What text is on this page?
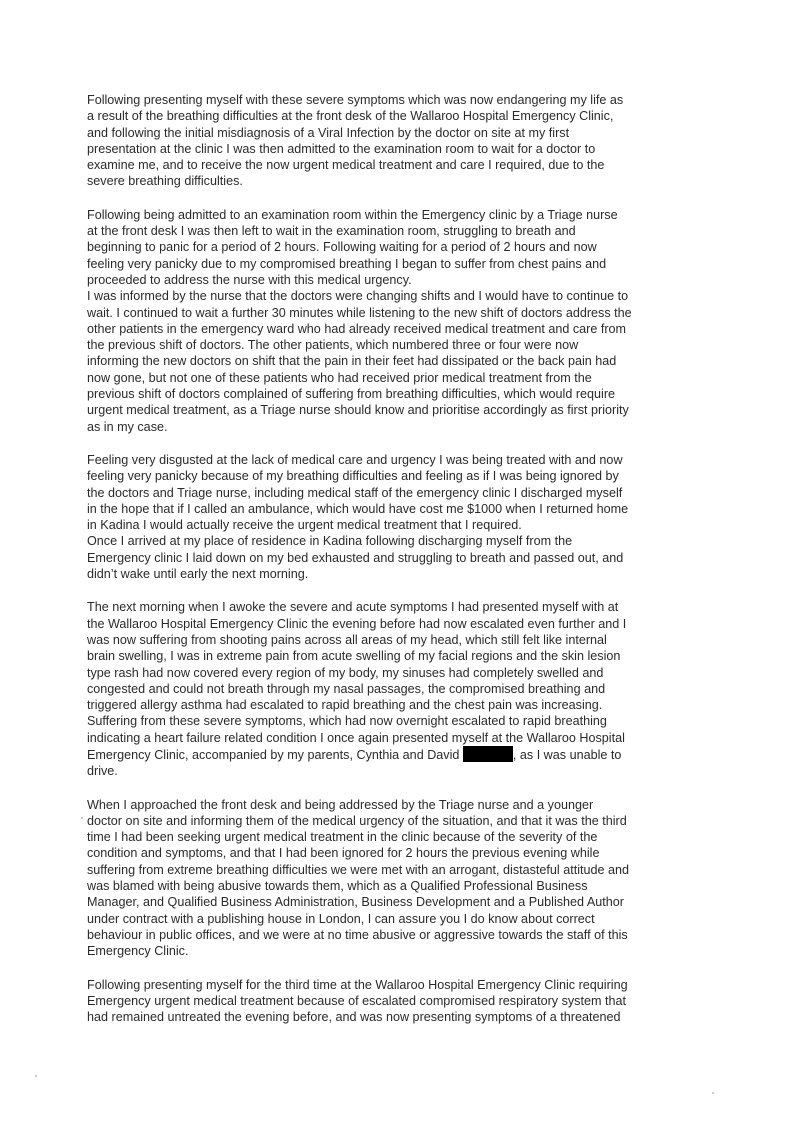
Following presenting myself with these severe symptoms which was now endangering my life as
a result of the breathing difficulties at the front desk of the Wallaroo Hospital Emergency Clinic,
and following the initial misdiagnosis of a Viral Infection by the doctor on site at my first
presentation at the clinic I was then admitted to the examination room to wait for a doctor to
examine me, and to receive the now urgent medical treatment and care I required, due to the
severe breathing difficulties.
Following being admitted to an examination room within the Emergency clinic by a Triage nurse
at the front desk I was then left to wait in the examination room, struggling to breath and
beginning to panic for a period of 2 hours. Following waiting for a period of 2 hours and now
feeling very panicky due to my compromised breathing I began to suffer from chest pains and
proceeded to address the nurse with this medical urgency.
I was informed by the nurse that the doctors were changing shifts and I would have to continue to
wait. I continued to wait a further 30 minutes while listening to the new shift of doctors address the
other patients in the emergency ward who had already received medical treatment and care from
the previous shift of doctors. The other patients, which numbered three or four were now
informing the new doctors on shift that the pain in their feet had dissipated or the back pain had
now gone, but not one of these patients who had received prior medical treatment from the
previous shift of doctors complained of suffering from breathing difficulties, which would require
urgent medical treatment, as a Triage nurse should know and prioritise accordingly as first priority
as in my case.
Feeling very disgusted at the lack of medical care and urgency I was being treated with and now
feeling very panicky because of my breathing difficulties and feeling as if I was being ignored by
the doctors and Triage nurse, including medical staff of the emergency clinic I discharged myself
in the hope that if I called an ambulance, which would have cost me $1000 when I returned home
in Kadina I would actually receive the urgent medical treatment that I required.
Once I arrived at my place of residence in Kadina following discharging myself from the
Emergency clinic I laid down on my bed exhausted and struggling to breath and passed out, and
didn’t wake until early the next morning.
The next morning when I awoke the severe and acute symptoms I had presented myself with at
the Wallaroo Hospital Emergency Clinic the evening before had now escalated even further and I
was now suffering from shooting pains across all areas of my head, which still felt like internal
brain swelling, I was in extreme pain from acute swelling of my facial regions and the skin lesion
type rash had now covered every region of my body, my sinuses had completely swelled and
congested and could not breath through my nasal passages, the compromised breathing and
triggered allergy asthma had escalated to rapid breathing and the chest pain was increasing.
Suffering from these severe symptoms, which had now overnight escalated to rapid breathing
indicating a heart failure related condition I once again presented myself at the Wallaroo Hospital
Emergency Clinic, accompanied by my parents, Cynthia and David	, as I was unable to
drive.
When I approached the front desk and being addressed by the Triage nurse and a younger
doctor on site and informing them of the medical urgency of the situation, and that it was the third
time I had been seeking urgent medical treatment in the clinic because of the severity of the
condition and symptoms, and that I had been ignored for 2 hours the previous evening while
suffering from extreme breathing difficulties we were met with an arrogant, distasteful attitude and
was blamed with being abusive towards them, which as a Qualified Professional Business
Manager, and Qualified Business Administration, Business Development and a Published Author
under contract with a publishing house in London, I can assure you I do know about correct
behaviour in public offices, and we were at no time abusive or aggressive towards the staff of this
Emergency Clinic.
Following presenting myself for the third time at the Wallaroo Hospital Emergency Clinic requiring
Emergency urgent medical treatment because of escalated compromised respiratory system that
had remained untreated the evening before, and was now presenting symptoms of a threatened
